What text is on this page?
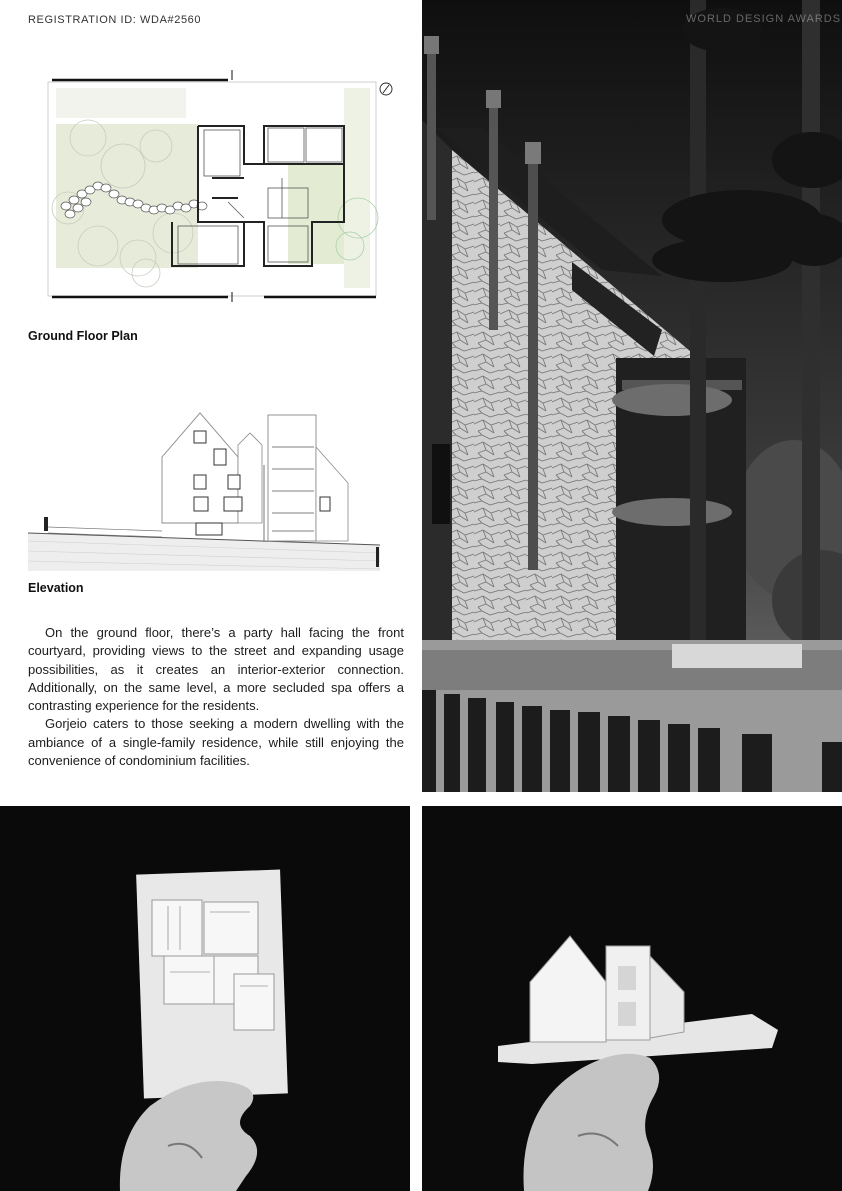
REGISTRATION ID: WDA#2560
Ground Floor Plan
Elevation

On the ground floor, there’s a party hall facing the front courtyard, providing views to the street and expanding usage possibilities, as it creates an interior-exterior connection. Additionally, on the same level, a more secluded spa offers a contrasting experience for the residents.

Gorjeio caters to those seeking a modern dwelling with the ambiance of a single-family residence, while still enjoying the convenience of condominium facilities.

WORLD DESIGN AWARDS
